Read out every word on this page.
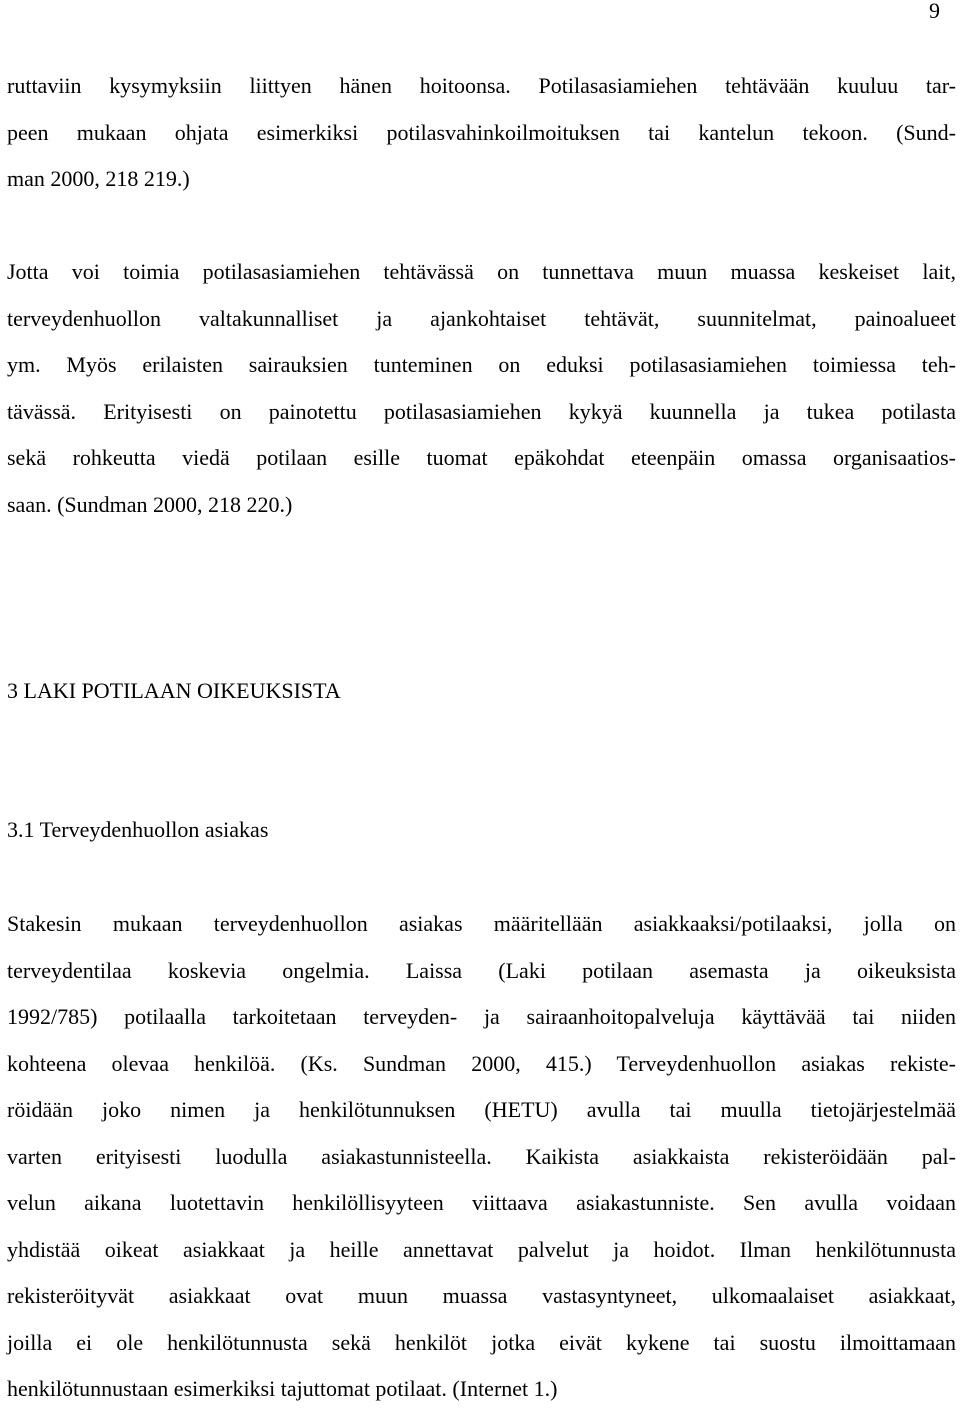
9
ruttaviin kysymyksiin liittyen hänen hoitoonsa. Potilasasiamiehen tehtävään kuuluu tar-
peen mukaan ohjata esimerkiksi potilasvahinkoilmoituksen tai kantelun tekoon. (Sund-
man 2000, 218 219.)
Jotta voi toimia potilasasiamiehen tehtävässä on tunnettava muun muassa keskeiset lait,
terveydenhuollon valtakunnalliset ja ajankohtaiset tehtävät, suunnitelmat, painoalueet
ym. Myös erilaisten sairauksien tunteminen on eduksi potilasasiamiehen toimiessa teh-
tävässä. Erityisesti on painotettu potilasasiamiehen kykyä kuunnella ja tukea potilasta
sekä rohkeutta viedä potilaan esille tuomat epäkohdat eteenpäin omassa organisaatios-
saan. (Sundman 2000, 218 220.)
3 LAKI POTILAAN OIKEUKSISTA
3.1 Terveydenhuollon asiakas
Stakesin mukaan terveydenhuollon asiakas määritellään asiakkaaksi/potilaaksi, jolla on
terveydentilaa koskevia ongelmia. Laissa (Laki potilaan asemasta ja oikeuksista
1992/785) potilaalla tarkoitetaan terveyden- ja sairaanhoitopalveluja käyttävää tai niiden
kohteena olevaa henkilöä. (Ks. Sundman 2000, 415.) Terveydenhuollon asiakas rekiste-
röidään joko nimen ja henkilötunnuksen (HETU) avulla tai muulla tietojärjestelmää
varten erityisesti luodulla asiakastunnisteella. Kaikista asiakkaista rekisteröidään pal-
velun aikana luotettavin henkilöllisyyteen viittaava asiakastunniste. Sen avulla voidaan
yhdistää oikeat asiakkaat ja heille annettavat palvelut ja hoidot. Ilman henkilötunnusta
rekisteröityvät asiakkaat ovat muun muassa vastasyntyneet, ulkomaalaiset asiakkaat,
joilla ei ole henkilötunnusta sekä henkilöt jotka eivät kykene tai suostu ilmoittamaan
henkilötunnustaan esimerkiksi tajuttomat potilaat. (Internet 1.)
